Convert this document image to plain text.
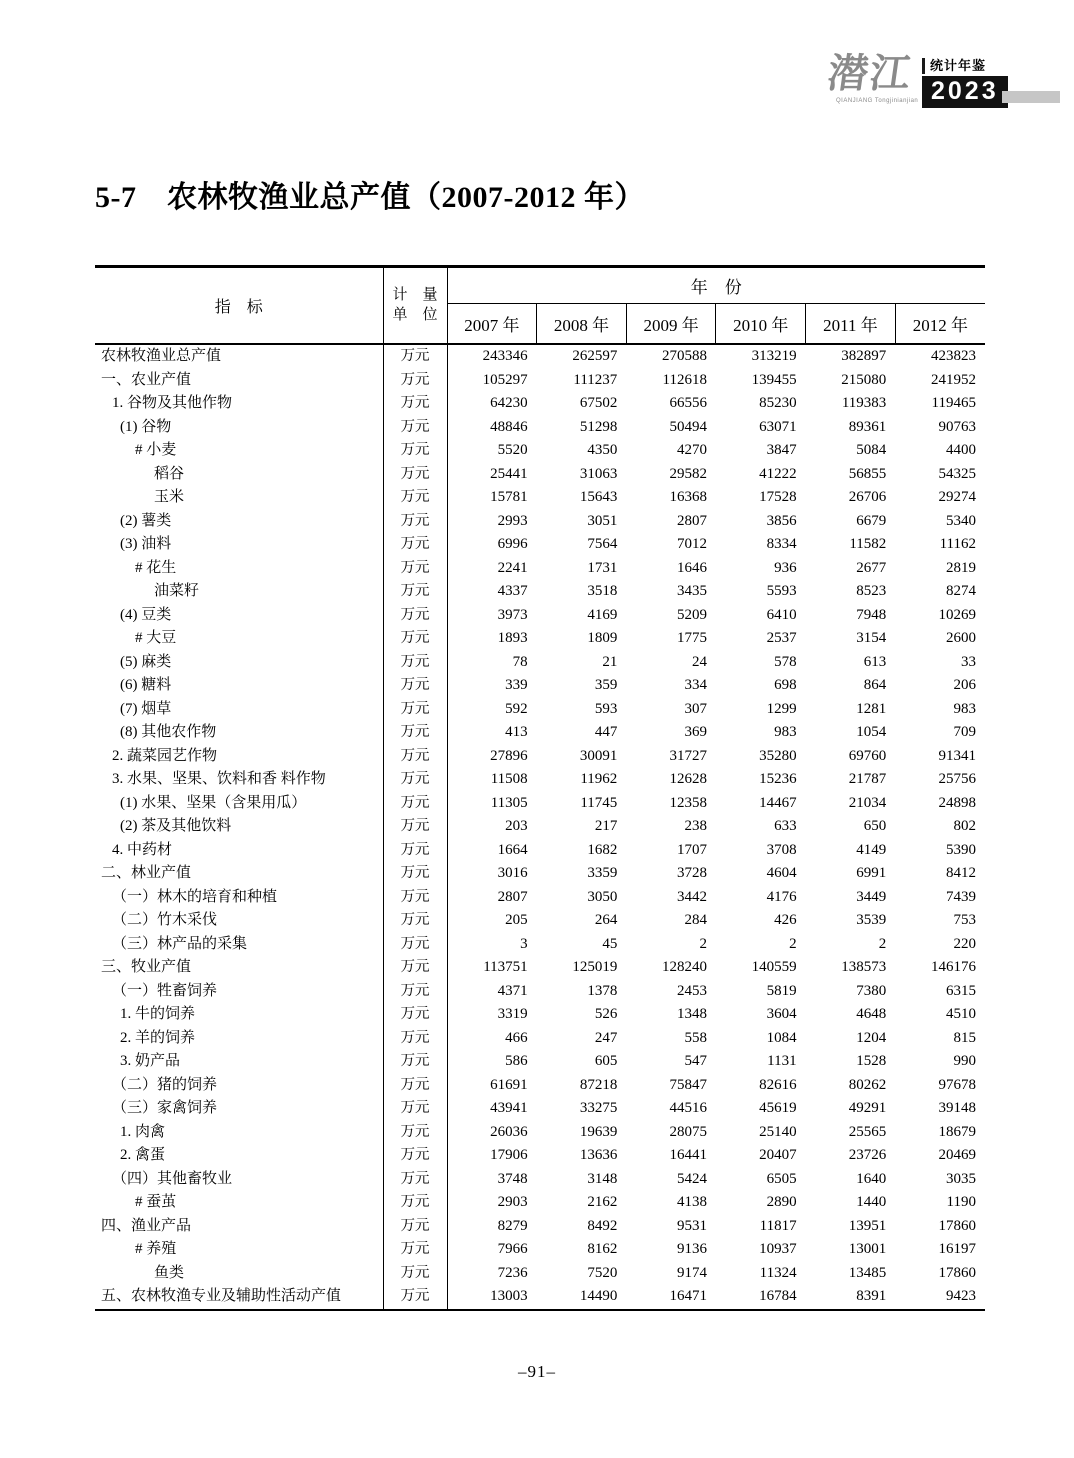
潜江
QIANJIANG Tongjinianjian
统计年鉴
2023
5-7　农林牧渔业总产值（2007-2012 年）
指　标	计　量
单　位	年　份					
		2007 年	2008 年	2009 年	2010 年	2011 年	2012 年
农林牧渔业总产值	万元	243346	262597	270588	313219	382897	423823
一、农业产值	万元	105297	111237	112618	139455	215080	241952
1. 谷物及其他作物	万元	64230	67502	66556	85230	119383	119465
(1) 谷物	万元	48846	51298	50494	63071	89361	90763
# 小麦	万元	5520	4350	4270	3847	5084	4400
稻谷	万元	25441	31063	29582	41222	56855	54325
玉米	万元	15781	15643	16368	17528	26706	29274
(2) 薯类	万元	2993	3051	2807	3856	6679	5340
(3) 油料	万元	6996	7564	7012	8334	11582	11162
# 花生	万元	2241	1731	1646	936	2677	2819
油菜籽	万元	4337	3518	3435	5593	8523	8274
(4) 豆类	万元	3973	4169	5209	6410	7948	10269
# 大豆	万元	1893	1809	1775	2537	3154	2600
(5) 麻类	万元	78	21	24	578	613	33
(6) 糖料	万元	339	359	334	698	864	206
(7) 烟草	万元	592	593	307	1299	1281	983
(8) 其他农作物	万元	413	447	369	983	1054	709
2. 蔬菜园艺作物	万元	27896	30091	31727	35280	69760	91341
3. 水果、坚果、饮料和香 料作物	万元	11508	11962	12628	15236	21787	25756
(1) 水果、坚果（含果用瓜）	万元	11305	11745	12358	14467	21034	24898
(2) 茶及其他饮料	万元	203	217	238	633	650	802
4. 中药材	万元	1664	1682	1707	3708	4149	5390
二、林业产值	万元	3016	3359	3728	4604	6991	8412
（一）林木的培育和种植	万元	2807	3050	3442	4176	3449	7439
（二）竹木采伐	万元	205	264	284	426	3539	753
（三）林产品的采集	万元	3	45	2	2	2	220
三、牧业产值	万元	113751	125019	128240	140559	138573	146176
（一）牲畜饲养	万元	4371	1378	2453	5819	7380	6315
1. 牛的饲养	万元	3319	526	1348	3604	4648	4510
2. 羊的饲养	万元	466	247	558	1084	1204	815
3. 奶产品	万元	586	605	547	1131	1528	990
（二）猪的饲养	万元	61691	87218	75847	82616	80262	97678
（三）家禽饲养	万元	43941	33275	44516	45619	49291	39148
1. 肉禽	万元	26036	19639	28075	25140	25565	18679
2. 禽蛋	万元	17906	13636	16441	20407	23726	20469
（四）其他畜牧业	万元	3748	3148	5424	6505	1640	3035
# 蚕茧	万元	2903	2162	4138	2890	1440	1190
四、渔业产品	万元	8279	8492	9531	11817	13951	17860
# 养殖	万元	7966	8162	9136	10937	13001	16197
鱼类	万元	7236	7520	9174	11324	13485	17860
五、农林牧渔专业及辅助性活动产值	万元	13003	14490	16471	16784	8391	9423
–91–
